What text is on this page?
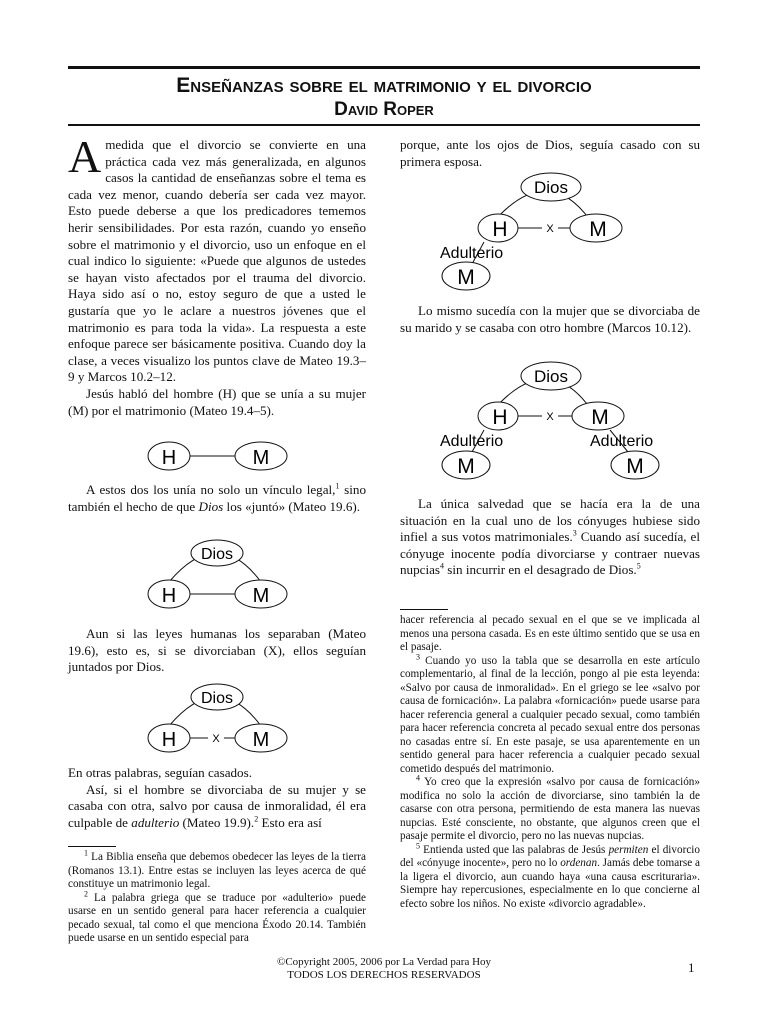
Enseñanzas sobre el matrimonio y el divorcio
David Roper

Amedida que el divorcio se convierte en una práctica cada vez más generalizada, en algunos casos la cantidad de enseñanzas sobre el tema es cada vez menor, cuando debería ser cada vez mayor. Esto puede deberse a que los predicadores tememos herir sensibilidades. Por esta razón, cuando yo enseño sobre el matrimonio y el divorcio, uso un enfoque en el cual indico lo siguiente: «Puede que algunos de ustedes se hayan visto afectados por el trauma del divorcio. Haya sido así o no, estoy seguro de que a usted le gustaría que yo le aclare a nuestros jóvenes que el matrimonio es para toda la vida». La respuesta a este enfoque parece ser básicamente positiva. Cuando doy la clase, a veces visualizo los puntos clave de Mateo 19.3–9 y Marcos 10.2–12.

Jesús habló del hombre (H) que se unía a su mujer (M) por el matrimonio (Mateo 19.4–5).

H	M

A estos dos los unía no solo un vínculo legal,$^1$ sino también el hecho de que Dios los «juntó» (Mateo 19.6).

Dios
H	M

Aun si las leyes humanas los separaban (Mateo 19.6), esto es, si se divorciaban (X), ellos seguían juntados por Dios.

Dios
H	X M

En otras palabras, seguían casados.

Así, si el hombre se divorciaba de su mujer y se casaba con otra, salvo por causa de inmoralidad, él era culpable de adulterio (Mateo 19.9).$^2$ Esto era así

$^1$ La Biblia enseña que debemos obedecer las leyes de la tierra (Romanos 13.1). Entre estas se incluyen las leyes acerca de qué constituye un matrimonio legal.

$^2$ La palabra griega que se traduce por «adulterio» puede usarse en un sentido general para hacer referencia a cualquier pecado sexual, tal como el que menciona Éxodo 20.14. También puede usarse en un sentido especial para

porque, ante los ojos de Dios, seguía casado con su primera esposa.

Dios
H	X M
Adulterio
M

Lo mismo sucedía con la mujer que se divorciaba de su marido y se casaba con otro hombre (Marcos 10.12).

Dios
H	X M
Adulterio	Adulterio
M	M

La única salvedad que se hacía era la de una situación en la cual uno de los cónyuges hubiese sido infiel a sus votos matrimoniales.$^3$ Cuando así sucedía, el cónyuge inocente podía divorciarse y contraer nuevas nupcias$^4$ sin incurrir en el desagrado de Dios.$^5$

hacer referencia al pecado sexual en el que se ve implicada al menos una persona casada. Es en este último sentido que se usa en el pasaje.

$^3$ Cuando yo uso la tabla que se desarrolla en este artículo complementario, al final de la lección, pongo al pie esta leyenda: «Salvo por causa de inmoralidad». En el griego se lee «salvo por causa de fornicación». La palabra «fornicación» puede usarse para hacer referencia general a cualquier pecado sexual, como también para hacer referencia concreta al pecado sexual entre dos personas no casadas entre sí. En este pasaje, se usa aparentemente en un sentido general para hacer referencia a cualquier pecado sexual cometido después del matrimonio.

$^4$ Yo creo que la expresión «salvo por causa de fornicación» modifica no solo la acción de divorciarse, sino también la de casarse con otra persona, permitiendo de esta manera las nuevas nupcias. Esté consciente, no obstante, que algunos creen que el pasaje permite el divorcio, pero no las nuevas nupcias.

$^5$ Entienda usted que las palabras de Jesús permiten el divorcio del «cónyuge inocente», pero no lo ordenan. Jamás debe tomarse a la ligera el divorcio, aun cuando haya «una causa escrituraria». Siempre hay repercusiones, especialmente en lo que concierne al efecto sobre los niños. No existe «divorcio agradable».

©Copyright 2005, 2006 por La Verdad para Hoy
TODOS LOS DERECHOS RESERVADOS	1
